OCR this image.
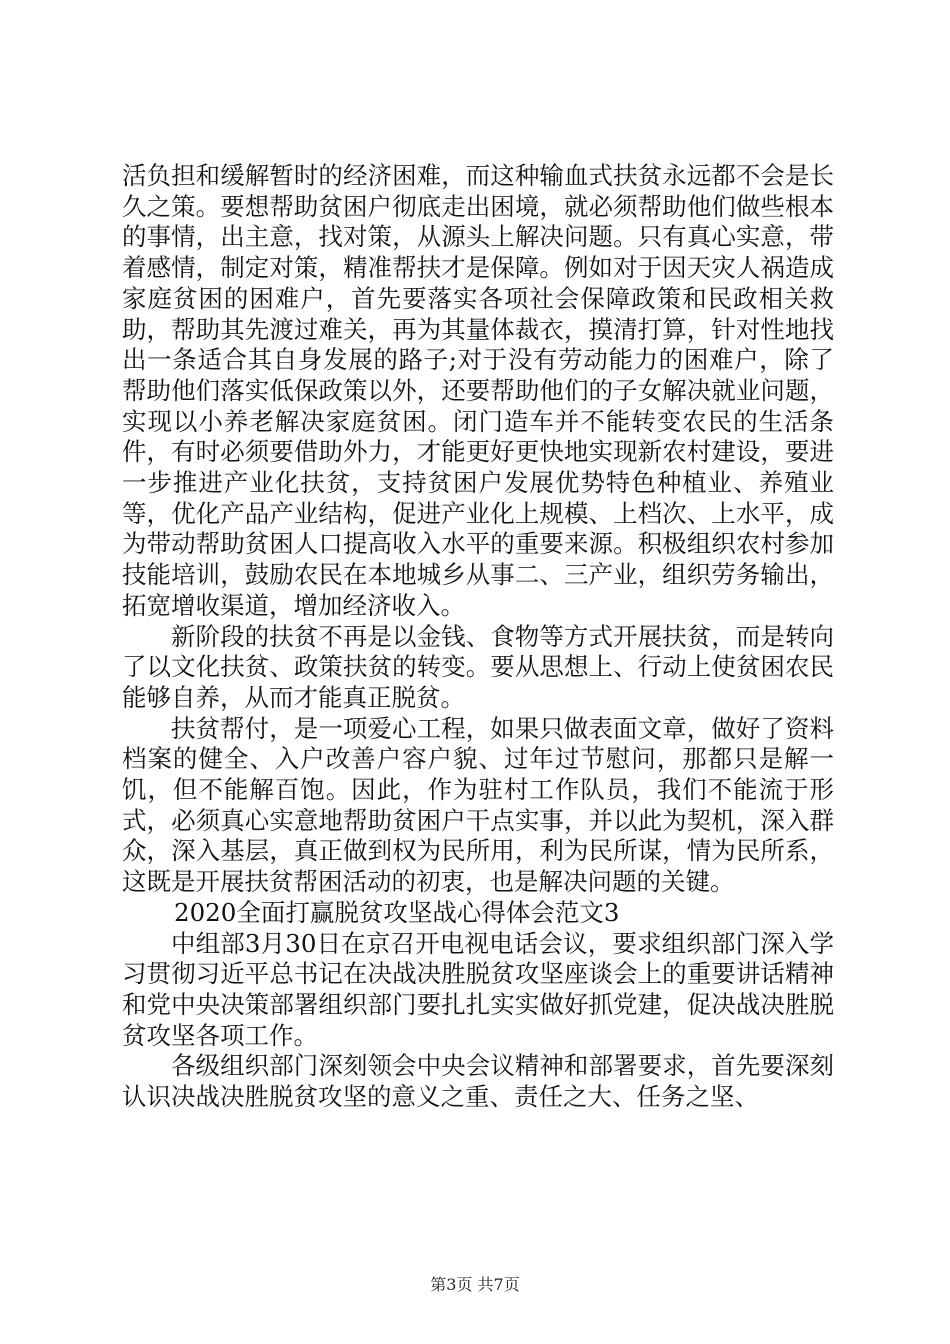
活负担和缓解暂时的经济困难，而这种输血式扶贫永远都不会是长久之策。要想帮助贫困户彻底走出困境，就必须帮助他们做些根本的事情，出主意，找对策，从源头上解决问题。只有真心实意，带着感情，制定对策，精准帮扶才是保障。例如对于因天灾人祸造成家庭贫困的困难户，首先要落实各项社会保障政策和民政相关救助，帮助其先渡过难关，再为其量体裁衣，摸清打算，针对性地找出一条适合其自身发展的路子;对于没有劳动能力的困难户，除了帮助他们落实低保政策以外，还要帮助他们的子女解决就业问题，实现以小养老解决家庭贫困。闭门造车并不能转变农民的生活条件，有时必须要借助外力，才能更好更快地实现新农村建设，要进一步推进产业化扶贫，支持贫困户发展优势特色种植业、养殖业等，优化产品产业结构，促进产业化上规模、上档次、上水平，成为带动帮助贫困人口提高收入水平的重要来源。积极组织农村参加技能培训，鼓励农民在本地城乡从事二、三产业，组织劳务输出，拓宽增收渠道，增加经济收入。

新阶段的扶贫不再是以金钱、食物等方式开展扶贫，而是转向了以文化扶贫、政策扶贫的转变。要从思想上、行动上使贫困农民能够自养，从而才能真正脱贫。

扶贫帮付，是一项爱心工程，如果只做表面文章，做好了资料档案的健全、入户改善户容户貌、过年过节慰问，那都只是解一饥，但不能解百饱。因此，作为驻村工作队员，我们不能流于形式，必须真心实意地帮助贫困户干点实事，并以此为契机，深入群众，深入基层，真正做到权为民所用，利为民所谋，情为民所系，这既是开展扶贫帮困活动的初衷，也是解决问题的关键。

2020全面打赢脱贫攻坚战心得体会范文3

中组部3月30日在京召开电视电话会议，要求组织部门深入学习贯彻习近平总书记在决战决胜脱贫攻坚座谈会上的重要讲话精神和党中央决策部署组织部门要扎扎实实做好抓党建，促决战决胜脱贫攻坚各项工作。

各级组织部门深刻领会中央会议精神和部署要求，首先要深刻认识决战决胜脱贫攻坚的意义之重、责任之大、任务之坚、

第3页 共7页
